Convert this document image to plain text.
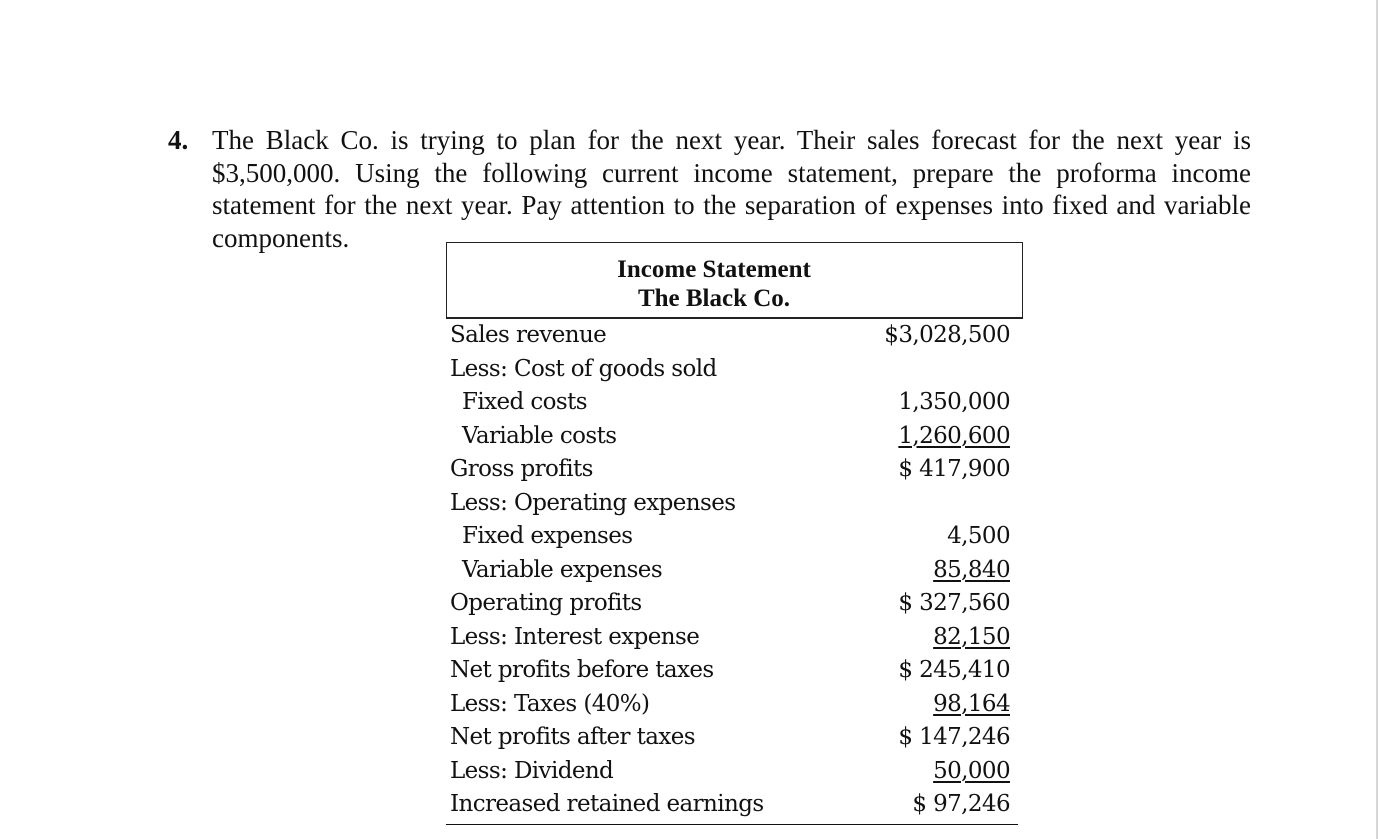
4. The Black Co. is trying to plan for the next year. Their sales forecast for the next year is $3,500,000. Using the following current income statement, prepare the proforma income statement for the next year. Pay attention to the separation of expenses into fixed and variable components.
Income Statement
The Black Co.
Sales revenue	$3,028,500
Less: Cost of goods sold
Fixed costs	1,350,000
Variable costs	1,260,600
Gross profits	$ 417,900
Less: Operating expenses
Fixed expenses	4,500
Variable expenses	85,840
Operating profits	$ 327,560
Less: Interest expense	82,150
Net profits before taxes	$ 245,410
Less: Taxes (40%)	98,164
Net profits after taxes	$ 147,246
Less: Dividend	50,000
Increased retained earnings	$ 97,246
